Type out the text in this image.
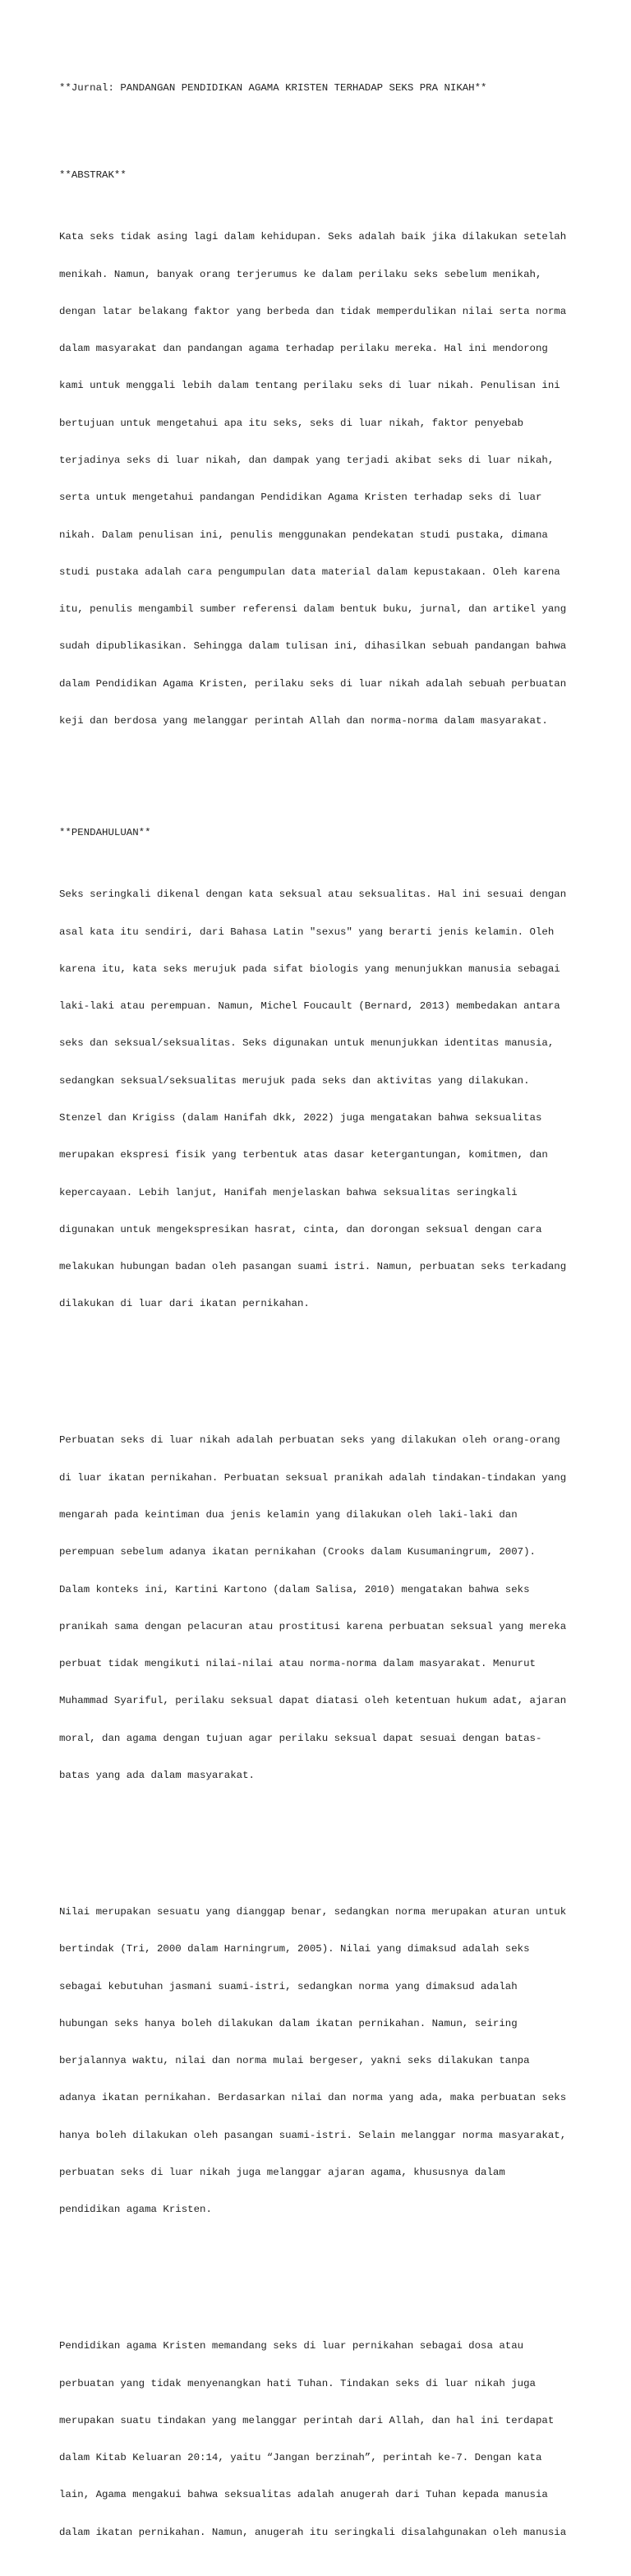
**Jurnal: PANDANGAN PENDIDIKAN AGAMA KRISTEN TERHADAP SEKS PRA NIKAH**

**ABSTRAK**

Kata seks tidak asing lagi dalam kehidupan. Seks adalah baik jika dilakukan setelah

menikah. Namun, banyak orang terjerumus ke dalam perilaku seks sebelum menikah,

dengan latar belakang faktor yang berbeda dan tidak memperdulikan nilai serta norma

dalam masyarakat dan pandangan agama terhadap perilaku mereka. Hal ini mendorong

kami untuk menggali lebih dalam tentang perilaku seks di luar nikah. Penulisan ini

bertujuan untuk mengetahui apa itu seks, seks di luar nikah, faktor penyebab

terjadinya seks di luar nikah, dan dampak yang terjadi akibat seks di luar nikah,

serta untuk mengetahui pandangan Pendidikan Agama Kristen terhadap seks di luar

nikah. Dalam penulisan ini, penulis menggunakan pendekatan studi pustaka, dimana

studi pustaka adalah cara pengumpulan data material dalam kepustakaan. Oleh karena

itu, penulis mengambil sumber referensi dalam bentuk buku, jurnal, dan artikel yang

sudah dipublikasikan. Sehingga dalam tulisan ini, dihasilkan sebuah pandangan bahwa

dalam Pendidikan Agama Kristen, perilaku seks di luar nikah adalah sebuah perbuatan

keji dan berdosa yang melanggar perintah Allah dan norma-norma dalam masyarakat.

**PENDAHULUAN**

Seks seringkali dikenal dengan kata seksual atau seksualitas. Hal ini sesuai dengan

asal kata itu sendiri, dari Bahasa Latin "sexus" yang berarti jenis kelamin. Oleh

karena itu, kata seks merujuk pada sifat biologis yang menunjukkan manusia sebagai

laki-laki atau perempuan. Namun, Michel Foucault (Bernard, 2013) membedakan antara

seks dan seksual/seksualitas. Seks digunakan untuk menunjukkan identitas manusia,

sedangkan seksual/seksualitas merujuk pada seks dan aktivitas yang dilakukan.

Stenzel dan Krigiss (dalam Hanifah dkk, 2022) juga mengatakan bahwa seksualitas

merupakan ekspresi fisik yang terbentuk atas dasar ketergantungan, komitmen, dan

kepercayaan. Lebih lanjut, Hanifah menjelaskan bahwa seksualitas seringkali

digunakan untuk mengekspresikan hasrat, cinta, dan dorongan seksual dengan cara

melakukan hubungan badan oleh pasangan suami istri. Namun, perbuatan seks terkadang

dilakukan di luar dari ikatan pernikahan.

Perbuatan seks di luar nikah adalah perbuatan seks yang dilakukan oleh orang-orang

di luar ikatan pernikahan. Perbuatan seksual pranikah adalah tindakan-tindakan yang

mengarah pada keintiman dua jenis kelamin yang dilakukan oleh laki-laki dan

perempuan sebelum adanya ikatan pernikahan (Crooks dalam Kusumaningrum, 2007).

Dalam konteks ini, Kartini Kartono (dalam Salisa, 2010) mengatakan bahwa seks

pranikah sama dengan pelacuran atau prostitusi karena perbuatan seksual yang mereka

perbuat tidak mengikuti nilai-nilai atau norma-norma dalam masyarakat. Menurut

Muhammad Syariful, perilaku seksual dapat diatasi oleh ketentuan hukum adat, ajaran

moral, dan agama dengan tujuan agar perilaku seksual dapat sesuai dengan batas-

batas yang ada dalam masyarakat.

Nilai merupakan sesuatu yang dianggap benar, sedangkan norma merupakan aturan untuk

bertindak (Tri, 2000 dalam Harningrum, 2005). Nilai yang dimaksud adalah seks

sebagai kebutuhan jasmani suami-istri, sedangkan norma yang dimaksud adalah

hubungan seks hanya boleh dilakukan dalam ikatan pernikahan. Namun, seiring

berjalannya waktu, nilai dan norma mulai bergeser, yakni seks dilakukan tanpa

adanya ikatan pernikahan. Berdasarkan nilai dan norma yang ada, maka perbuatan seks

hanya boleh dilakukan oleh pasangan suami-istri. Selain melanggar norma masyarakat,

perbuatan seks di luar nikah juga melanggar ajaran agama, khususnya dalam

pendidikan agama Kristen.

Pendidikan agama Kristen memandang seks di luar pernikahan sebagai dosa atau

perbuatan yang tidak menyenangkan hati Tuhan. Tindakan seks di luar nikah juga

merupakan suatu tindakan yang melanggar perintah dari Allah, dan hal ini terdapat

dalam Kitab Keluaran 20:14, yaitu “Jangan berzinah”, perintah ke-7. Dengan kata

lain, Agama mengakui bahwa seksualitas adalah anugerah dari Tuhan kepada manusia

dalam ikatan pernikahan. Namun, anugerah itu seringkali disalahgunakan oleh manusia
